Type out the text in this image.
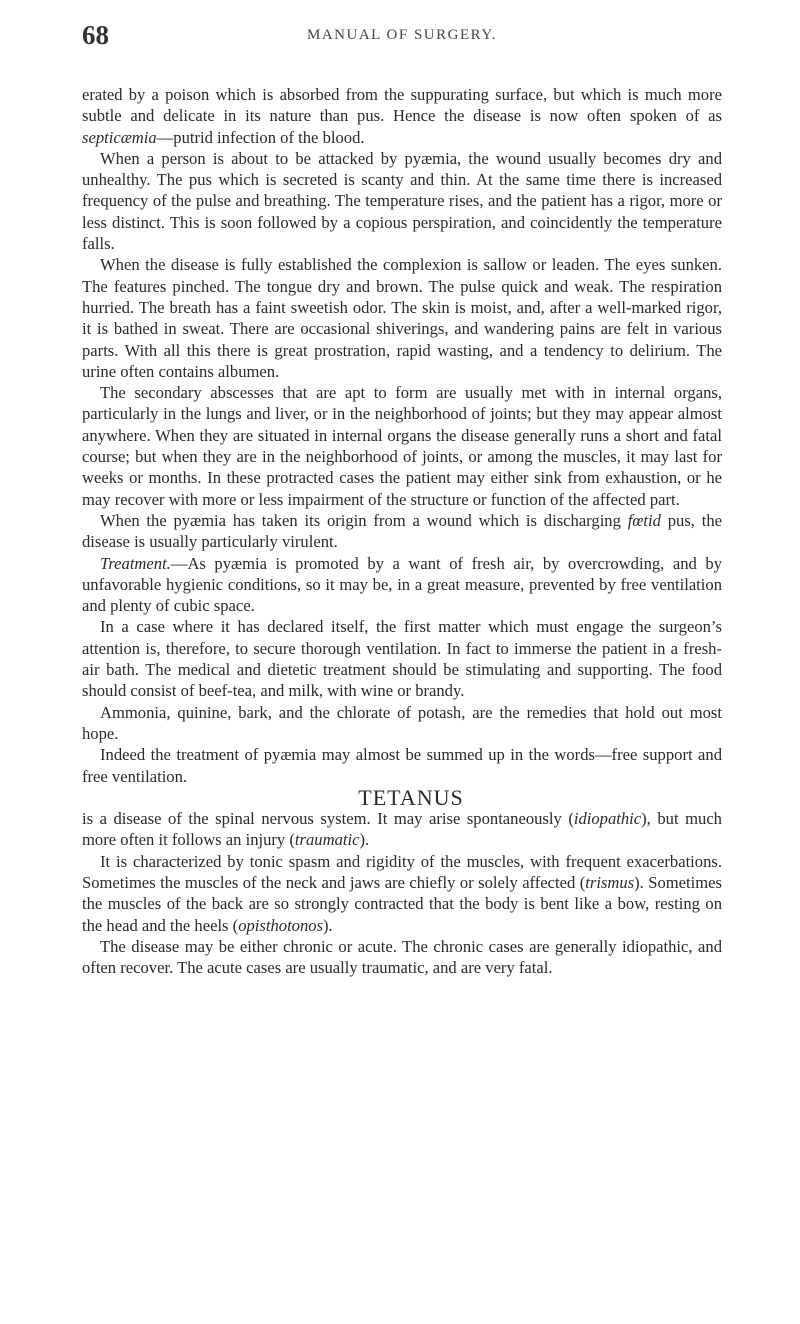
68	MANUAL OF SURGERY.

erated by a poison which is absorbed from the suppurating surface, but which is much more subtle and delicate in its nature than pus. Hence the disease is now often spoken of as septicæmia—putrid infection of the blood.

When a person is about to be attacked by pyæmia, the wound usually becomes dry and unhealthy. The pus which is secreted is scanty and thin. At the same time there is increased frequency of the pulse and breathing. The temperature rises, and the patient has a rigor, more or less distinct. This is soon followed by a copious perspiration, and coincidently the temperature falls.

When the disease is fully established the complexion is sallow or leaden. The eyes sunken. The features pinched. The tongue dry and brown. The pulse quick and weak. The respiration hurried. The breath has a faint sweetish odor. The skin is moist, and, after a well-marked rigor, it is bathed in sweat. There are occasional shiverings, and wandering pains are felt in various parts. With all this there is great prostration, rapid wasting, and a tendency to delirium. The urine often contains albumen.

The secondary abscesses that are apt to form are usually met with in internal organs, particularly in the lungs and liver, or in the neighborhood of joints; but they may appear almost anywhere. When they are situated in internal organs the disease generally runs a short and fatal course; but when they are in the neighborhood of joints, or among the muscles, it may last for weeks or months. In these protracted cases the patient may either sink from exhaustion, or he may recover with more or less impairment of the structure or function of the affected part.

When the pyæmia has taken its origin from a wound which is discharging fœtid pus, the disease is usually particularly virulent.

Treatment.—As pyæmia is promoted by a want of fresh air, by overcrowding, and by unfavorable hygienic conditions, so it may be, in a great measure, prevented by free ventilation and plenty of cubic space.

In a case where it has declared itself, the first matter which must engage the surgeon’s attention is, therefore, to secure thorough ventilation. In fact to immerse the patient in a fresh-air bath. The medical and dietetic treatment should be stimulating and supporting. The food should consist of beef-tea, and milk, with wine or brandy.

Ammonia, quinine, bark, and the chlorate of potash, are the remedies that hold out most hope.

Indeed the treatment of pyæmia may almost be summed up in the words—free support and free ventilation.

TETANUS

is a disease of the spinal nervous system. It may arise spontaneously (idiopathic), but much more often it follows an injury (traumatic).

It is characterized by tonic spasm and rigidity of the muscles, with frequent exacerbations. Sometimes the muscles of the neck and jaws are chiefly or solely affected (trismus). Sometimes the muscles of the back are so strongly contracted that the body is bent like a bow, resting on the head and the heels (opisthotonos).

The disease may be either chronic or acute. The chronic cases are generally idiopathic, and often recover. The acute cases are usually traumatic, and are very fatal.
